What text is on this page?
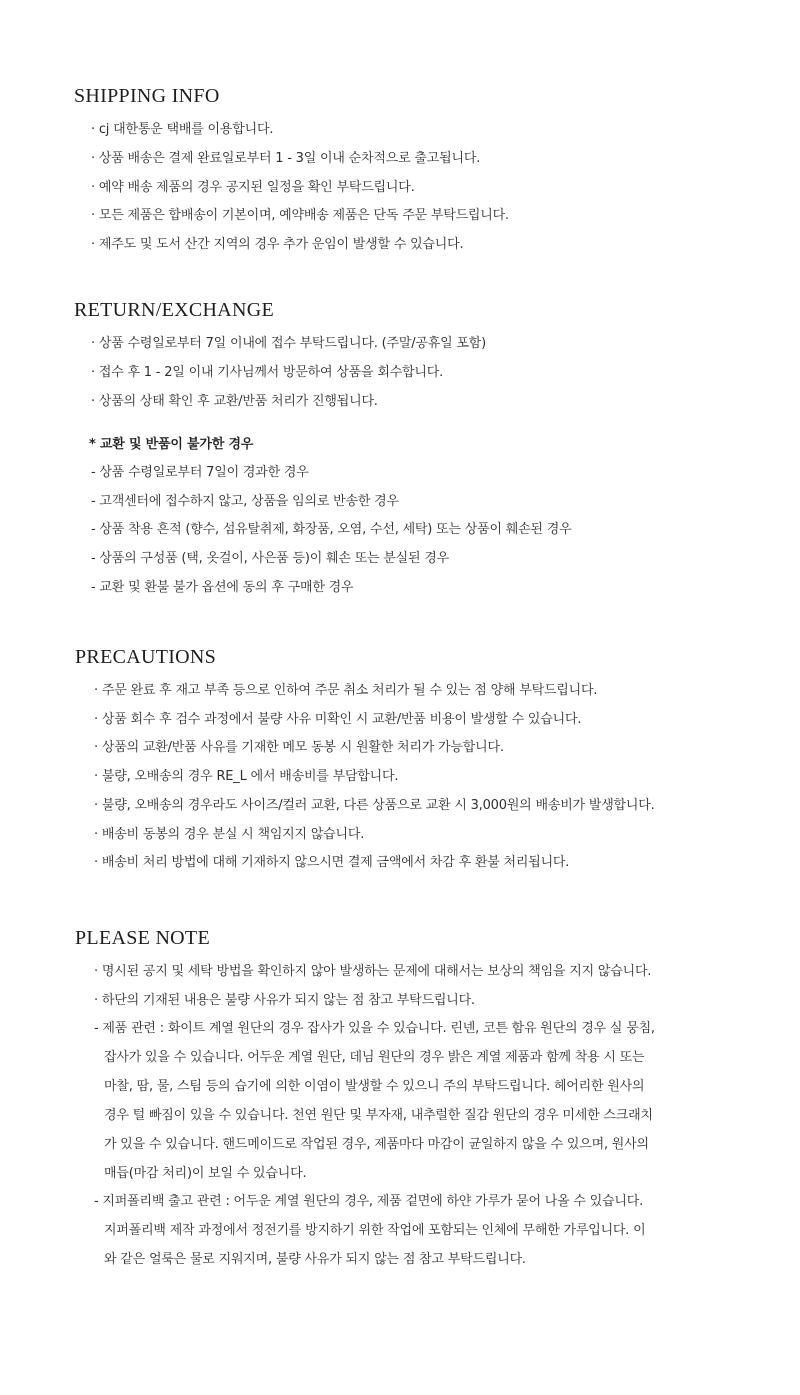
SHIPPING INFO
· cj 대한통운 택배를 이용합니다.
· 상품 배송은 결제 완료일로부터 1 - 3일 이내 순차적으로 출고됩니다.
· 예약 배송 제품의 경우 공지된 일정을 확인 부탁드립니다.
· 모든 제품은 합배송이 기본이며, 예약배송 제품은 단독 주문 부탁드립니다.
· 제주도 및 도서 산간 지역의 경우 추가 운임이 발생할 수 있습니다.
RETURN/EXCHANGE
· 상품 수령일로부터 7일 이내에 접수 부탁드립니다. (주말/공휴일 포함)
· 접수 후 1 - 2일 이내 기사님께서 방문하여 상품을 회수합니다.
· 상품의 상태 확인 후 교환/반품 처리가 진행됩니다.
* 교환 및 반품이 불가한 경우
- 상품 수령일로부터 7일이 경과한 경우
- 고객센터에 접수하지 않고, 상품을 임의로 반송한 경우
- 상품 착용 흔적 (향수, 섬유탈취제, 화장품, 오염, 수선, 세탁) 또는 상품이 훼손된 경우
- 상품의 구성품 (택, 옷걸이, 사은품 등)이 훼손 또는 분실된 경우
- 교환 및 환불 불가 옵션에 동의 후 구매한 경우
PRECAUTIONS
· 주문 완료 후 재고 부족 등으로 인하여 주문 취소 처리가 될 수 있는 점 양해 부탁드립니다.
· 상품 회수 후 검수 과정에서 불량 사유 미확인 시 교환/반품 비용이 발생할 수 있습니다.
· 상품의 교환/반품 사유를 기재한 메모 동봉 시 원활한 처리가 가능합니다.
· 불량, 오배송의 경우 RE_L 에서 배송비를 부담합니다.
· 불량, 오배송의 경우라도 사이즈/컬러 교환, 다른 상품으로 교환 시 3,000원의 배송비가 발생합니다.
· 배송비 동봉의 경우 분실 시 책임지지 않습니다.
· 배송비 처리 방법에 대해 기재하지 않으시면 결제 금액에서 차감 후 환불 처리됩니다.
PLEASE NOTE
· 명시된 공지 및 세탁 방법을 확인하지 않아 발생하는 문제에 대해서는 보상의 책임을 지지 않습니다.
· 하단의 기재된 내용은 불량 사유가 되지 않는 점 참고 부탁드립니다.
- 제품 관련 : 화이트 계열 원단의 경우 잡사가 있을 수 있습니다. 린넨, 코튼 함유 원단의 경우 실 뭉침,
잡사가 있을 수 있습니다. 어두운 계열 원단, 데님 원단의 경우 밝은 계열 제품과 함께 착용 시 또는
마찰, 땀, 물, 스팀 등의 습기에 의한 이염이 발생할 수 있으니 주의 부탁드립니다. 헤어리한 원사의
경우 털 빠짐이 있을 수 있습니다. 천연 원단 및 부자재, 내추럴한 질감 원단의 경우 미세한 스크래치
가 있을 수 있습니다. 핸드메이드로 작업된 경우, 제품마다 마감이 균일하지 않을 수 있으며, 원사의
매듭(마감 처리)이 보일 수 있습니다.
- 지퍼폴리백 출고 관련 : 어두운 계열 원단의 경우, 제품 겉면에 하얀 가루가 묻어 나올 수 있습니다.
지퍼폴리백 제작 과정에서 정전기를 방지하기 위한 작업에 포함되는 인체에 무해한 가루입니다. 이
와 같은 얼룩은 물로 지워지며, 불량 사유가 되지 않는 점 참고 부탁드립니다.
